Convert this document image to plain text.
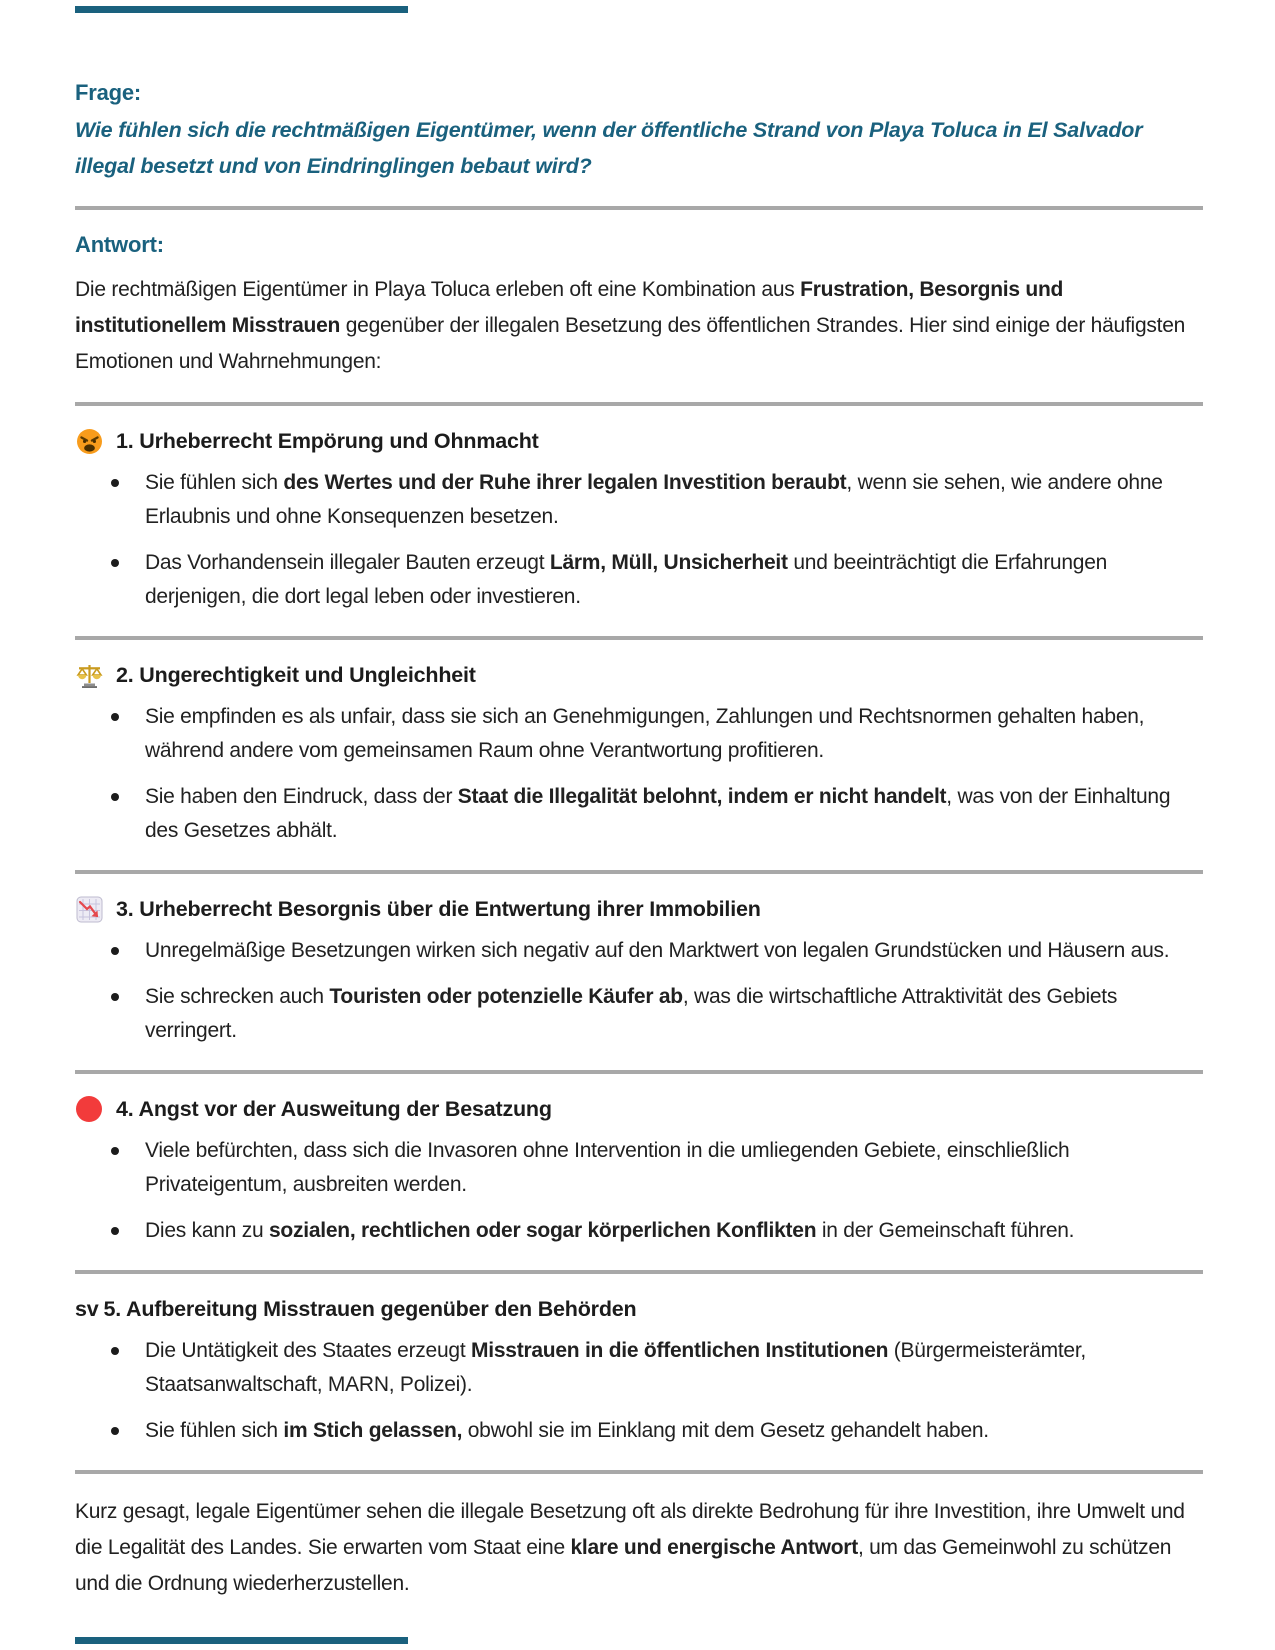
Frage:

Wie fühlen sich die rechtmäßigen Eigentümer, wenn der öffentliche Strand von Playa Toluca in El Salvador illegal besetzt und von Eindringlingen bebaut wird?

Antwort:

Die rechtmäßigen Eigentümer in Playa Toluca erleben oft eine Kombination aus Frustration, Besorgnis und institutionellem Misstrauen gegenüber der illegalen Besetzung des öffentlichen Strandes. Hier sind einige der häufigsten Emotionen und Wahrnehmungen:

1. Urheberrecht Empörung und Ohnmacht
Sie fühlen sich des Wertes und der Ruhe ihrer legalen Investition beraubt, wenn sie sehen, wie andere ohne Erlaubnis und ohne Konsequenzen besetzen.
Das Vorhandensein illegaler Bauten erzeugt Lärm, Müll, Unsicherheit und beeinträchtigt die Erfahrungen derjenigen, die dort legal leben oder investieren.
2. Ungerechtigkeit und Ungleichheit
Sie empfinden es als unfair, dass sie sich an Genehmigungen, Zahlungen und Rechtsnormen gehalten haben, während andere vom gemeinsamen Raum ohne Verantwortung profitieren.
Sie haben den Eindruck, dass der Staat die Illegalität belohnt, indem er nicht handelt, was von der Einhaltung des Gesetzes abhält.
3. Urheberrecht Besorgnis über die Entwertung ihrer Immobilien
Unregelmäßige Besetzungen wirken sich negativ auf den Marktwert von legalen Grundstücken und Häusern aus.
Sie schrecken auch Touristen oder potenzielle Käufer ab, was die wirtschaftliche Attraktivität des Gebiets verringert.
4. Angst vor der Ausweitung der Besatzung
Viele befürchten, dass sich die Invasoren ohne Intervention in die umliegenden Gebiete, einschließlich Privateigentum, ausbreiten werden.
Dies kann zu sozialen, rechtlichen oder sogar körperlichen Konflikten in der Gemeinschaft führen.
sv 5. Aufbereitung Misstrauen gegenüber den Behörden
Die Untätigkeit des Staates erzeugt Misstrauen in die öffentlichen Institutionen (Bürgermeisterämter, Staatsanwaltschaft, MARN, Polizei).
Sie fühlen sich im Stich gelassen, obwohl sie im Einklang mit dem Gesetz gehandelt haben.

Kurz gesagt, legale Eigentümer sehen die illegale Besetzung oft als direkte Bedrohung für ihre Investition, ihre Umwelt und die Legalität des Landes. Sie erwarten vom Staat eine klare und energische Antwort, um das Gemeinwohl zu schützen und die Ordnung wiederherzustellen.
